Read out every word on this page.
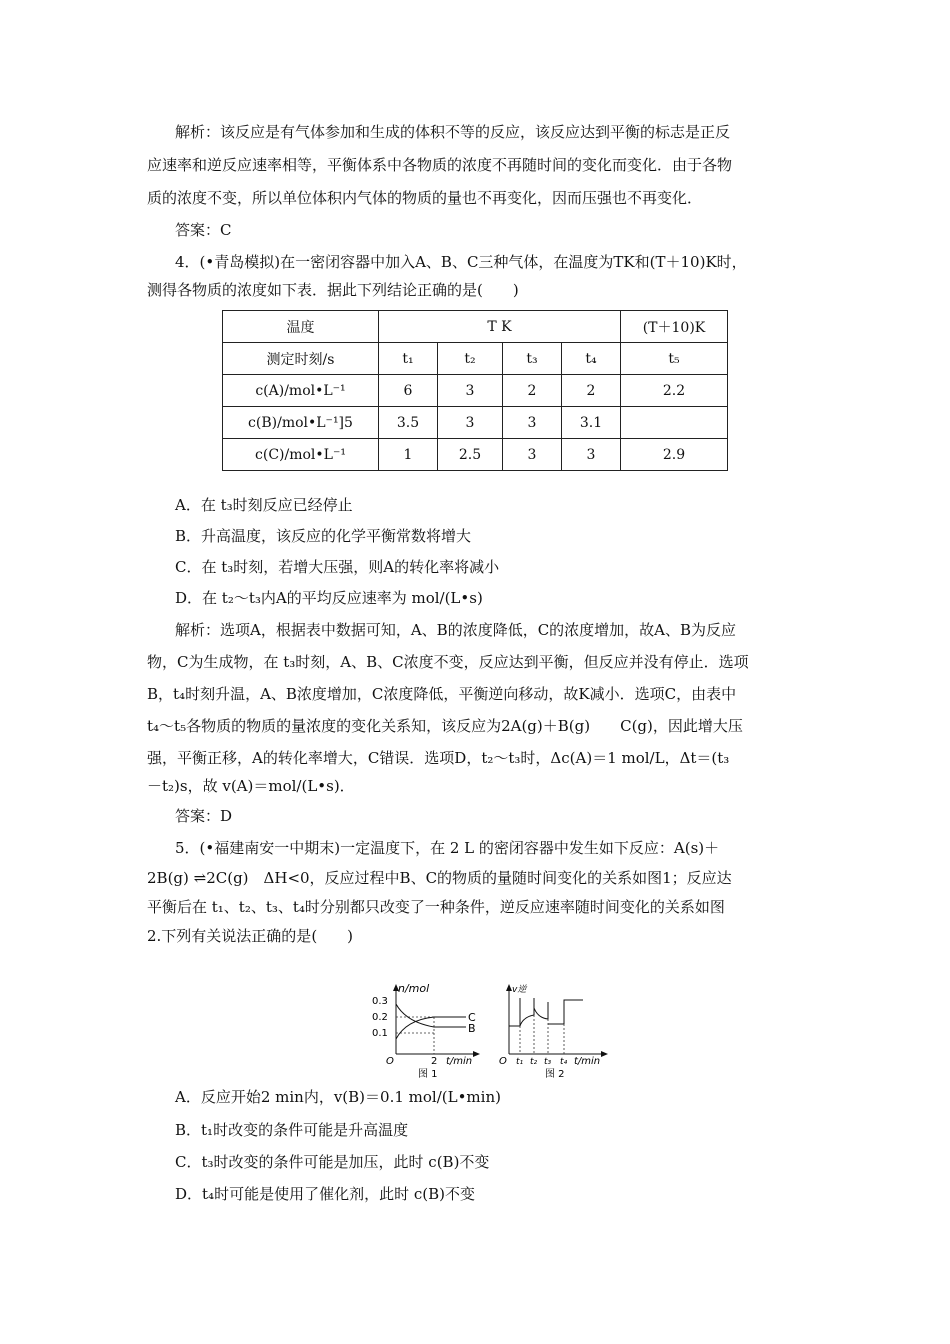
解析：该反应是有气体参加和生成的体积不等的反应，该反应达到平衡的标志是正反
应速率和逆反应速率相等，平衡体系中各物质的浓度不再随时间的变化而变化．由于各物
质的浓度不变，所以单位体积内气体的物质的量也不再变化，因而压强也不再变化．
答案：C
4．(•青岛模拟)在一密闭容器中加入A、B、C三种气体，在温度为TK和(T＋10)K时，
测得各物质的浓度如下表．据此下列结论正确的是(　　)
温度	T K				(T＋10)K
测定时刻/s	t₁	t₂	t₃	t₄	t₅
c(A)/mol•L⁻¹	6	3	2	2	2.2
c(B)/mol•L⁻¹]5	3.5	3	3	3.1	
c(C)/mol•L⁻¹	1	2.5	3	3	2.9
A．在 t₃时刻反应已经停止
B．升高温度，该反应的化学平衡常数将增大
C．在 t₃时刻，若增大压强，则A的转化率将减小
D．在 t₂～t₃内A的平均反应速率为 mol/(L•s)
解析：选项A，根据表中数据可知，A、B的浓度降低，C的浓度增加，故A、B为反应
物，C为生成物，在 t₃时刻，A、B、C浓度不变，反应达到平衡，但反应并没有停止．选项
B，t₄时刻升温，A、B浓度增加，C浓度降低，平衡逆向移动，故K减小．选项C，由表中
t₄～t₅各物质的物质的量浓度的变化关系知，该反应为2A(g)＋B(g)　　C(g)，因此增大压
强，平衡正移，A的转化率增大，C错误．选项D，t₂～t₃时，Δc(A)＝1 mol/L，Δt＝(t₃
－t₂)s，故 v(A)＝mol/(L•s)．
答案：D
5．(•福建南安一中期末)一定温度下，在 2 L 的密闭容器中发生如下反应：A(s)＋
2B(g) ⇌2C(g)　ΔH<0，反应过程中B、C的物质的量随时间变化的关系如图1；反应达
平衡后在 t₁、t₂、t₃、t₄时分别都只改变了一种条件，逆反应速率随时间变化的关系如图
2.下列有关说法正确的是(　　)
n/mol
0.3
0.2
0.1
C
B
O	2 t/min
图 1
v逆
O t₁ t₂ t₃ t₄ t/min
图 2
A．反应开始2 min内，v(B)＝0.1 mol/(L•min)
B．t₁时改变的条件可能是升高温度
C．t₃时改变的条件可能是加压，此时 c(B)不变
D．t₄时可能是使用了催化剂，此时 c(B)不变
